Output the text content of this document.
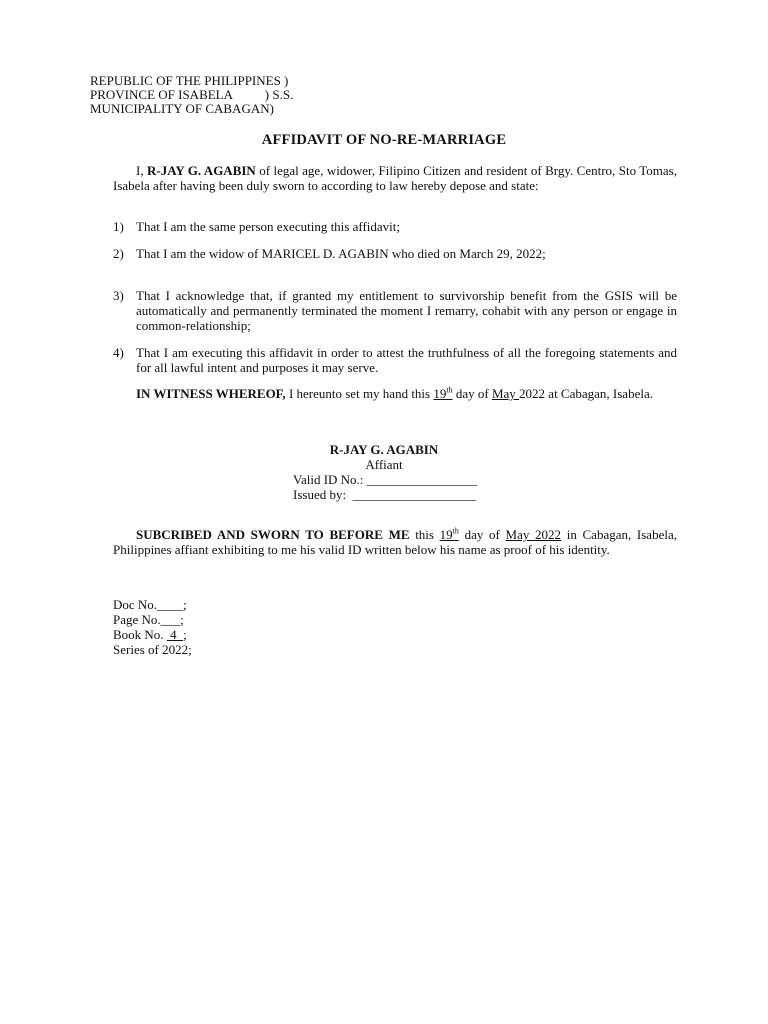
REPUBLIC OF THE PHILIPPINES )
PROVINCE OF ISABELA          ) S.S.
MUNICIPALITY OF CABAGAN)
AFFIDAVIT OF NO-RE-MARRIAGE
I, R-JAY G. AGABIN of legal age, widower, Filipino Citizen and resident of Brgy. Centro, Sto Tomas, Isabela after having been duly sworn to according to law hereby depose and state:
1) That I am the same person executing this affidavit;
2) That I am the widow of MARICEL D. AGABIN who died on March 29, 2022;
3) That I acknowledge that, if granted my entitlement to survivorship benefit from the GSIS will be automatically and permanently terminated the moment I remarry, cohabit with any person or engage in common-relationship;
4) That I am executing this affidavit in order to attest the truthfulness of all the foregoing statements and for all lawful intent and purposes it may serve.
IN WITNESS WHEREOF, I hereunto set my hand this 19th day of May 2022 at Cabagan, Isabela.
R-JAY G. AGABIN
Affiant
Valid ID No.: _________________
Issued by:  ___________________
SUBCRIBED AND SWORN TO BEFORE ME this 19th day of May 2022 in Cabagan, Isabela, Philippines affiant exhibiting to me his valid ID written below his name as proof of his identity.
Doc No.____;
Page No.___;
Book No.  4  ;
Series of 2022;
